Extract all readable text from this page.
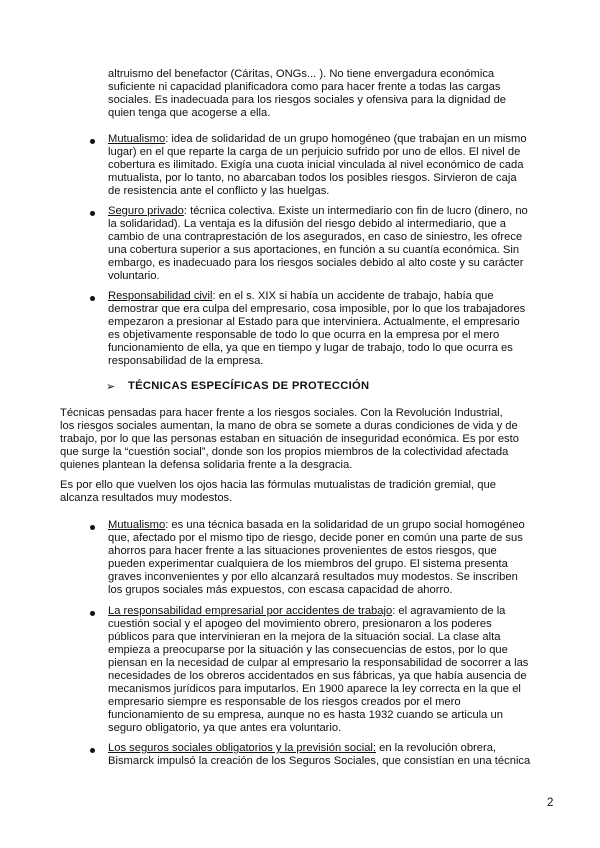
altruismo del benefactor (Cáritas, ONGs... ). No tiene envergadura económica
suficiente ni capacidad planificadora como para hacer frente a todas las cargas
sociales. Es inadecuada para los riesgos sociales y ofensiva para la dignidad de
quien tenga que acogerse a ella.
Mutualismo: idea de solidaridad de un grupo homogéneo (que trabajan en un mismo
lugar) en el que reparte la carga de un perjuicio sufrido por uno de ellos. El nivel de
cobertura es ilimitado. Exigía una cuota inicial vinculada al nivel económico de cada
mutualista, por lo tanto, no abarcaban todos los posibles riesgos. Sirvieron de caja
de resistencia ante el conflicto y las huelgas.
Seguro privado: técnica colectiva. Existe un intermediario con fin de lucro (dinero, no
la solidaridad). La ventaja es la difusión del riesgo debido al intermediario, que a
cambio de una contraprestación de los asegurados, en caso de siniestro, les ofrece
una cobertura superior a sus aportaciones, en función a su cuantía económica. Sin
embargo, es inadecuado para los riesgos sociales debido al alto coste y su carácter
voluntario.
Responsabilidad civil: en el s. XIX si había un accidente de trabajo, había que
demostrar que era culpa del empresario, cosa imposible, por lo que los trabajadores
empezaron a presionar al Estado para que interviniera. Actualmente, el empresario
es objetivamente responsable de todo lo que ocurra en la empresa por el mero
funcionamiento de ella, ya que en tiempo y lugar de trabajo, todo lo que ocurra es
responsabilidad de la empresa.
➢ TÉCNICAS ESPECÍFICAS DE PROTECCIÓN
Técnicas pensadas para hacer frente a los riesgos sociales. Con la Revolución Industrial,
los riesgos sociales aumentan, la mano de obra se somete a duras condiciones de vida y de
trabajo, por lo que las personas estaban en situación de inseguridad económica. Es por esto
que surge la “cuestión social”, donde son los propios miembros de la colectividad afectada
quienes plantean la defensa solidaria frente a la desgracia.
Es por ello que vuelven los ojos hacia las fórmulas mutualistas de tradición gremial, que
alcanza resultados muy modestos.
Mutualismo: es una técnica basada en la solidaridad de un grupo social homogéneo
que, afectado por el mismo tipo de riesgo, decide poner en común una parte de sus
ahorros para hacer frente a las situaciones provenientes de estos riesgos, que
pueden experimentar cualquiera de los miembros del grupo. El sistema presenta
graves inconvenientes y por ello alcanzará resultados muy modestos. Se inscriben
los grupos sociales más expuestos, con escasa capacidad de ahorro.
La responsabilidad empresarial por accidentes de trabajo: el agravamiento de la
cuestión social y el apogeo del movimiento obrero, presionaron a los poderes
públicos para que intervinieran en la mejora de la situación social. La clase alta
empieza a preocuparse por la situación y las consecuencias de estos, por lo que
piensan en la necesidad de culpar al empresario la responsabilidad de socorrer a las
necesidades de los obreros accidentados en sus fábricas, ya que había ausencia de
mecanismos jurídicos para imputarlos. En 1900 aparece la ley correcta en la que el
empresario siempre es responsable de los riesgos creados por el mero
funcionamiento de su empresa, aunque no es hasta 1932 cuando se articula un
seguro obligatorio, ya que antes era voluntario.
Los seguros sociales obligatorios y la previsión social: en la revolución obrera,
Bismarck impulsó la creación de los Seguros Sociales, que consistían en una técnica
2
